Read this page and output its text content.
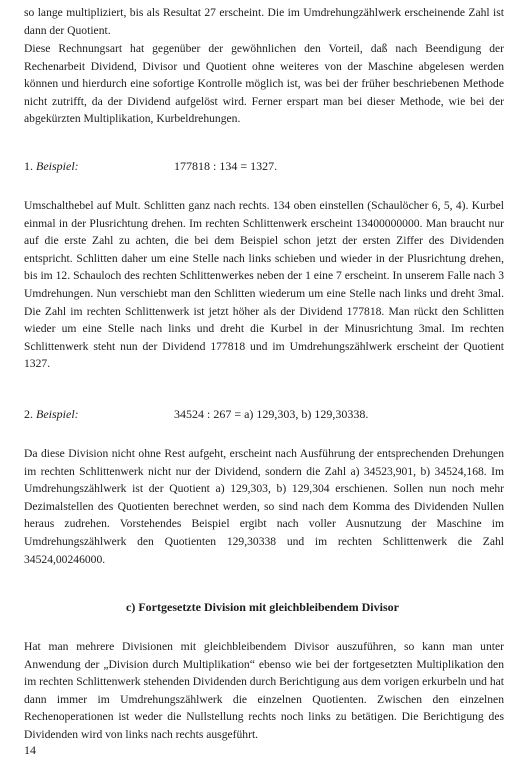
so lange multipliziert, bis als Resultat 27 erscheint. Die im Umdrehungzählwerk erscheinende Zahl ist dann der Quotient.

Diese Rechnungsart hat gegenüber der gewöhnlichen den Vorteil, daß nach Beendigung der Rechenarbeit Dividend, Divisor und Quotient ohne weiteres von der Maschine abgelesen werden können und hierdurch eine sofortige Kontrolle möglich ist, was bei der früher beschriebenen Methode nicht zutrifft, da der Dividend aufgelöst wird. Ferner erspart man bei dieser Methode, wie bei der abgekürzten Multiplikation, Kurbeldrehungen.

1. Beispiel:	177818 : 134 = 1327.

Umschalthebel auf Mult. Schlitten ganz nach rechts. 134 oben einstellen (Schaulöcher 6, 5, 4). Kurbel einmal in der Plusrichtung drehen. Im rechten Schlittenwerk erscheint 13400000000. Man braucht nur auf die erste Zahl zu achten, die bei dem Beispiel schon jetzt der ersten Ziffer des Dividenden entspricht. Schlitten daher um eine Stelle nach links schieben und wieder in der Plusrichtung drehen, bis im 12. Schauloch des rechten Schlittenwerkes neben der 1 eine 7 erscheint. In unserem Falle nach 3 Umdrehungen. Nun verschiebt man den Schlitten wiederum um eine Stelle nach links und dreht 3mal. Die Zahl im rechten Schlittenwerk ist jetzt höher als der Dividend 177818. Man rückt den Schlitten wieder um eine Stelle nach links und dreht die Kurbel in der Minusrichtung 3mal. Im rechten Schlittenwerk steht nun der Dividend 177818 und im Umdrehungszählwerk erscheint der Quotient 1327.

2. Beispiel:	34524 : 267 = a) 129,303, b) 129,30338.

Da diese Division nicht ohne Rest aufgeht, erscheint nach Ausführung der entsprechenden Drehungen im rechten Schlittenwerk nicht nur der Dividend, sondern die Zahl a) 34523,901, b) 34524,168. Im Umdrehungszählwerk ist der Quotient a) 129,303, b) 129,304 erschienen. Sollen nun noch mehr Dezimalstellen des Quotienten berechnet werden, so sind nach dem Komma des Dividenden Nullen heraus zudrehen. Vorstehendes Beispiel ergibt nach voller Ausnutzung der Maschine im Umdrehungszählwerk den Quotienten 129,30338 und im rechten Schlittenwerk die Zahl 34524,00246000.

c) Fortgesetzte Division mit gleichbleibendem Divisor

Hat man mehrere Divisionen mit gleichbleibendem Divisor auszuführen, so kann man unter Anwendung der „Division durch Multiplikation“ ebenso wie bei der fortgesetzten Multiplikation den im rechten Schlittenwerk stehenden Dividenden durch Berichtigung aus dem vorigen erkurbeln und hat dann immer im Umdrehungszählwerk die einzelnen Quotienten. Zwischen den einzelnen Rechenoperationen ist weder die Nullstellung rechts noch links zu betätigen. Die Berichtigung des Dividenden wird von links nach rechts ausgeführt.

14
